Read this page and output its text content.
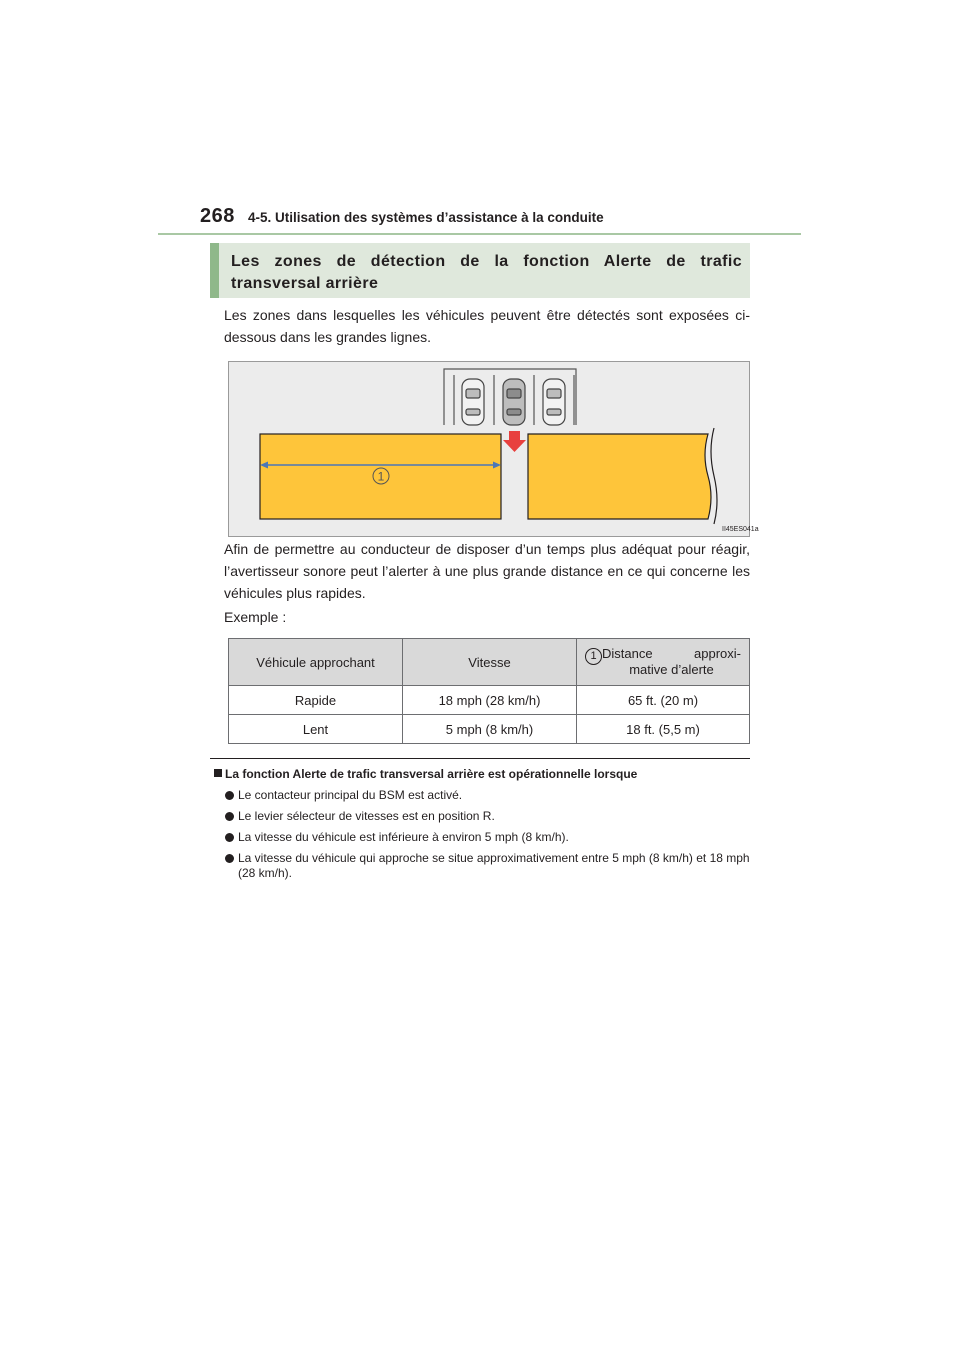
268 4-5. Utilisation des systèmes d’assistance à la conduite
Les zones de détection de la fonction Alerte de trafic transversal arrière
Les zones dans lesquelles les véhicules peuvent être détectés sont exposées ci-dessous dans les grandes lignes.
1
II45ES041a
Afin de permettre au conducteur de disposer d’un temps plus adéquat pour réagir, l’avertisseur sonore peut l’alerter à une plus grande distance en ce qui concerne les véhicules plus rapides.
Exemple :
Véhicule approchant	Vitesse	1 Distance approxi-mative d’alerte

Rapide	18 mph (28 km/h)	65 ft. (20 m)
Lent	5 mph (8 km/h)	18 ft. (5,5 m)
La fonction Alerte de trafic transversal arrière est opérationnelle lorsque
Le contacteur principal du BSM est activé.
Le levier sélecteur de vitesses est en position R.
La vitesse du véhicule est inférieure à environ 5 mph (8 km/h).
La vitesse du véhicule qui approche se situe approximativement entre 5 mph (8 km/h) et 18 mph (28 km/h).
